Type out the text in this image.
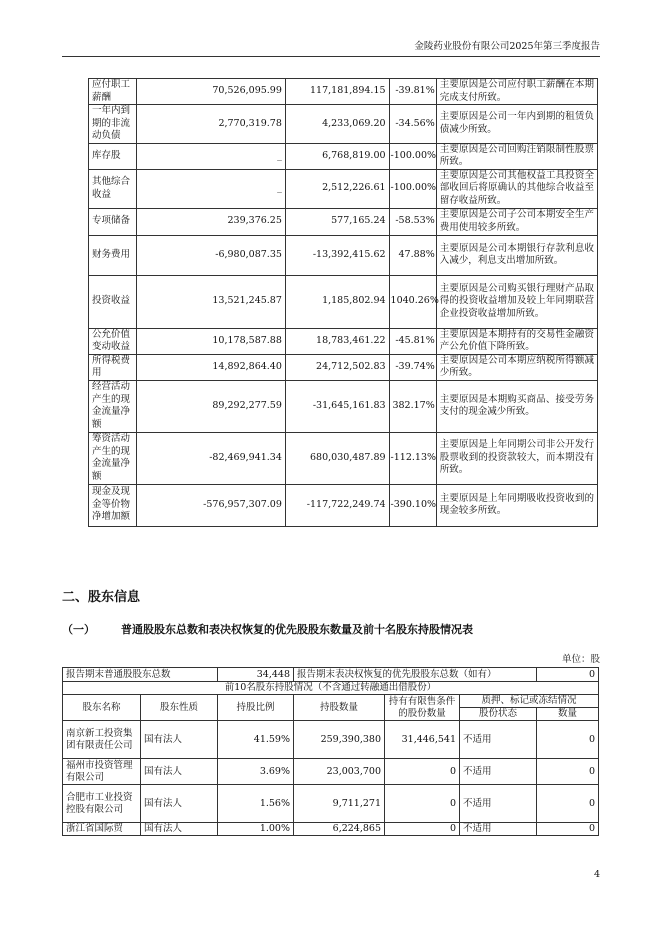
金陵药业股份有限公司2025年第三季度报告
应付职工薪酬	70,526,095.99	117,181,894.15	-39.81%	主要原因是公司应付职工薪酬在本期完成支付所致。
一年内到期的非流动负债	2,770,319.78	4,233,069.20	-34.56%	主要原因是公司一年内到期的租赁负债减少所致。
库存股	_	6,768,819.00	-100.00%	主要原因是公司回购注销限制性股票所致。
其他综合收益	_	2,512,226.61	-100.00%	主要原因是公司其他权益工具投资全部收回后将原确认的其他综合收益至留存收益所致。
专项储备	239,376.25	577,165.24	-58.53%	主要原因是公司子公司本期安全生产费用使用较多所致。
财务费用	-6,980,087.35	-13,392,415.62	47.88%	主要原因是公司本期银行存款利息收入减少，利息支出增加所致。
投资收益	13,521,245.87	1,185,802.94	1040.26%	主要原因是公司购买银行理财产品取得的投资收益增加及较上年同期联营企业投资收益增加所致。
公允价值变动收益	10,178,587.88	18,783,461.22	-45.81%	主要原因是本期持有的交易性金融资产公允价值下降所致。
所得税费用	14,892,864.40	24,712,502.83	-39.74%	主要原因是公司本期应纳税所得额减少所致。
经营活动产生的现金流量净额	89,292,277.59	-31,645,161.83	382.17%	主要原因是本期购买商品、接受劳务支付的现金减少所致。
筹资活动产生的现金流量净额	-82,469,941.34	680,030,487.89	-112.13%	主要原因是上年同期公司非公开发行股票收到的投资款较大，而本期没有所致。
现金及现金等价物净增加额	-576,957,307.09	-117,722,249.74	-390.10%	主要原因是上年同期吸收投资收到的现金较多所致。
二、股东信息
（一） 普通股股东总数和表决权恢复的优先股股东数量及前十名股东持股情况表
单位：股
报告期末普通股股东总数		34,448	报告期末表决权恢复的优先股股东总数（如有）			0
前10名股东持股情况（不含通过转融通出借股份）						
股东名称	股东性质	持股比例	持股数量	持有有限售条件的股份数量	质押、标记或冻结情况	
					股份状态	数量
南京新工投资集团有限责任公司	国有法人	41.59%	259,390,380	31,446,541	不适用	0
福州市投资管理有限公司	国有法人	3.69%	23,003,700	0	不适用	0
合肥市工业投资控股有限公司	国有法人	1.56%	9,711,271	0	不适用	0
浙江省国际贸	国有法人	1.00%	6,224,865	0	不适用	0
4
